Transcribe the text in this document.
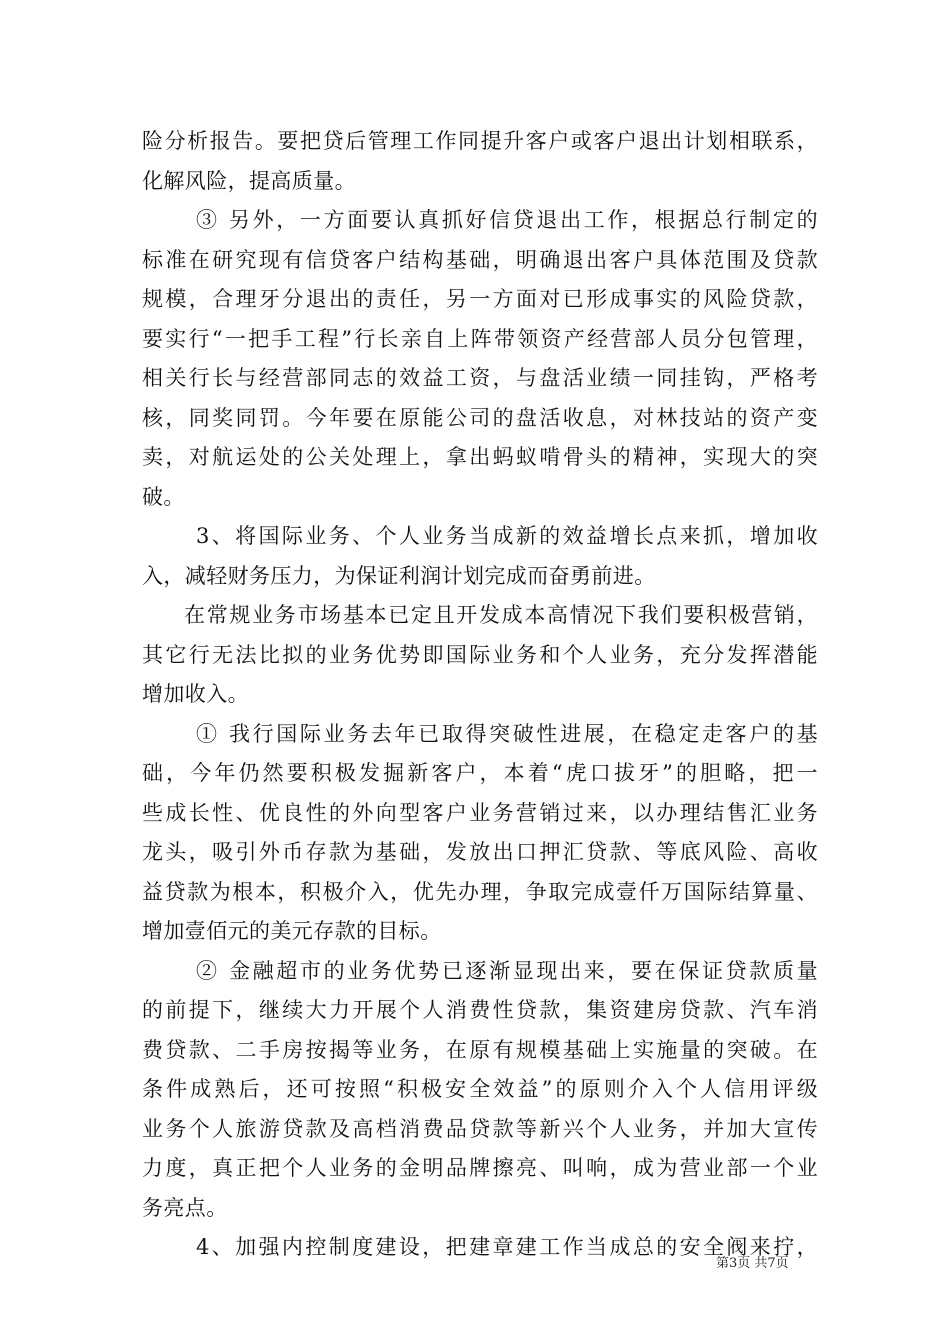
险分析报告。要把贷后管理工作同提升客户或客户退出计划相联系，
化解风险，提高质量。
③ 另外，一方面要认真抓好信贷退出工作，根据总行制定的
标准在研究现有信贷客户结构基础，明确退出客户具体范围及贷款
规模，合理牙分退出的责任，另一方面对已形成事实的风险贷款，
要实行“一把手工程”行长亲自上阵带领资产经营部人员分包管理，
相关行长与经营部同志的效益工资，与盘活业绩一同挂钩，严格考
核，同奖同罚。今年要在原能公司的盘活收息，对林技站的资产变
卖，对航运处的公关处理上，拿出蚂蚁啃骨头的精神，实现大的突
破。
3、将国际业务、个人业务当成新的效益增长点来抓，增加收
入，减轻财务压力，为保证利润计划完成而奋勇前进。
在常规业务市场基本已定且开发成本高情况下我们要积极营销，
其它行无法比拟的业务优势即国际业务和个人业务，充分发挥潜能
增加收入。
① 我行国际业务去年已取得突破性进展，在稳定走客户的基
础，今年仍然要积极发掘新客户，本着“虎口拔牙”的胆略，把一
些成长性、优良性的外向型客户业务营销过来，以办理结售汇业务
龙头，吸引外币存款为基础，发放出口押汇贷款、等底风险、高收
益贷款为根本，积极介入，优先办理，争取完成壹仟万国际结算量、
增加壹佰元的美元存款的目标。
② 金融超市的业务优势已逐渐显现出来，要在保证贷款质量
的前提下，继续大力开展个人消费性贷款，集资建房贷款、汽车消
费贷款、二手房按揭等业务，在原有规模基础上实施量的突破。在
条件成熟后，还可按照“积极安全效益”的原则介入个人信用评级
业务个人旅游贷款及高档消费品贷款等新兴个人业务，并加大宣传
力度，真正把个人业务的金明品牌擦亮、叫响，成为营业部一个业
务亮点。
4、加强内控制度建设，把建章建工作当成总的安全阀来拧，
第3页 共7页
